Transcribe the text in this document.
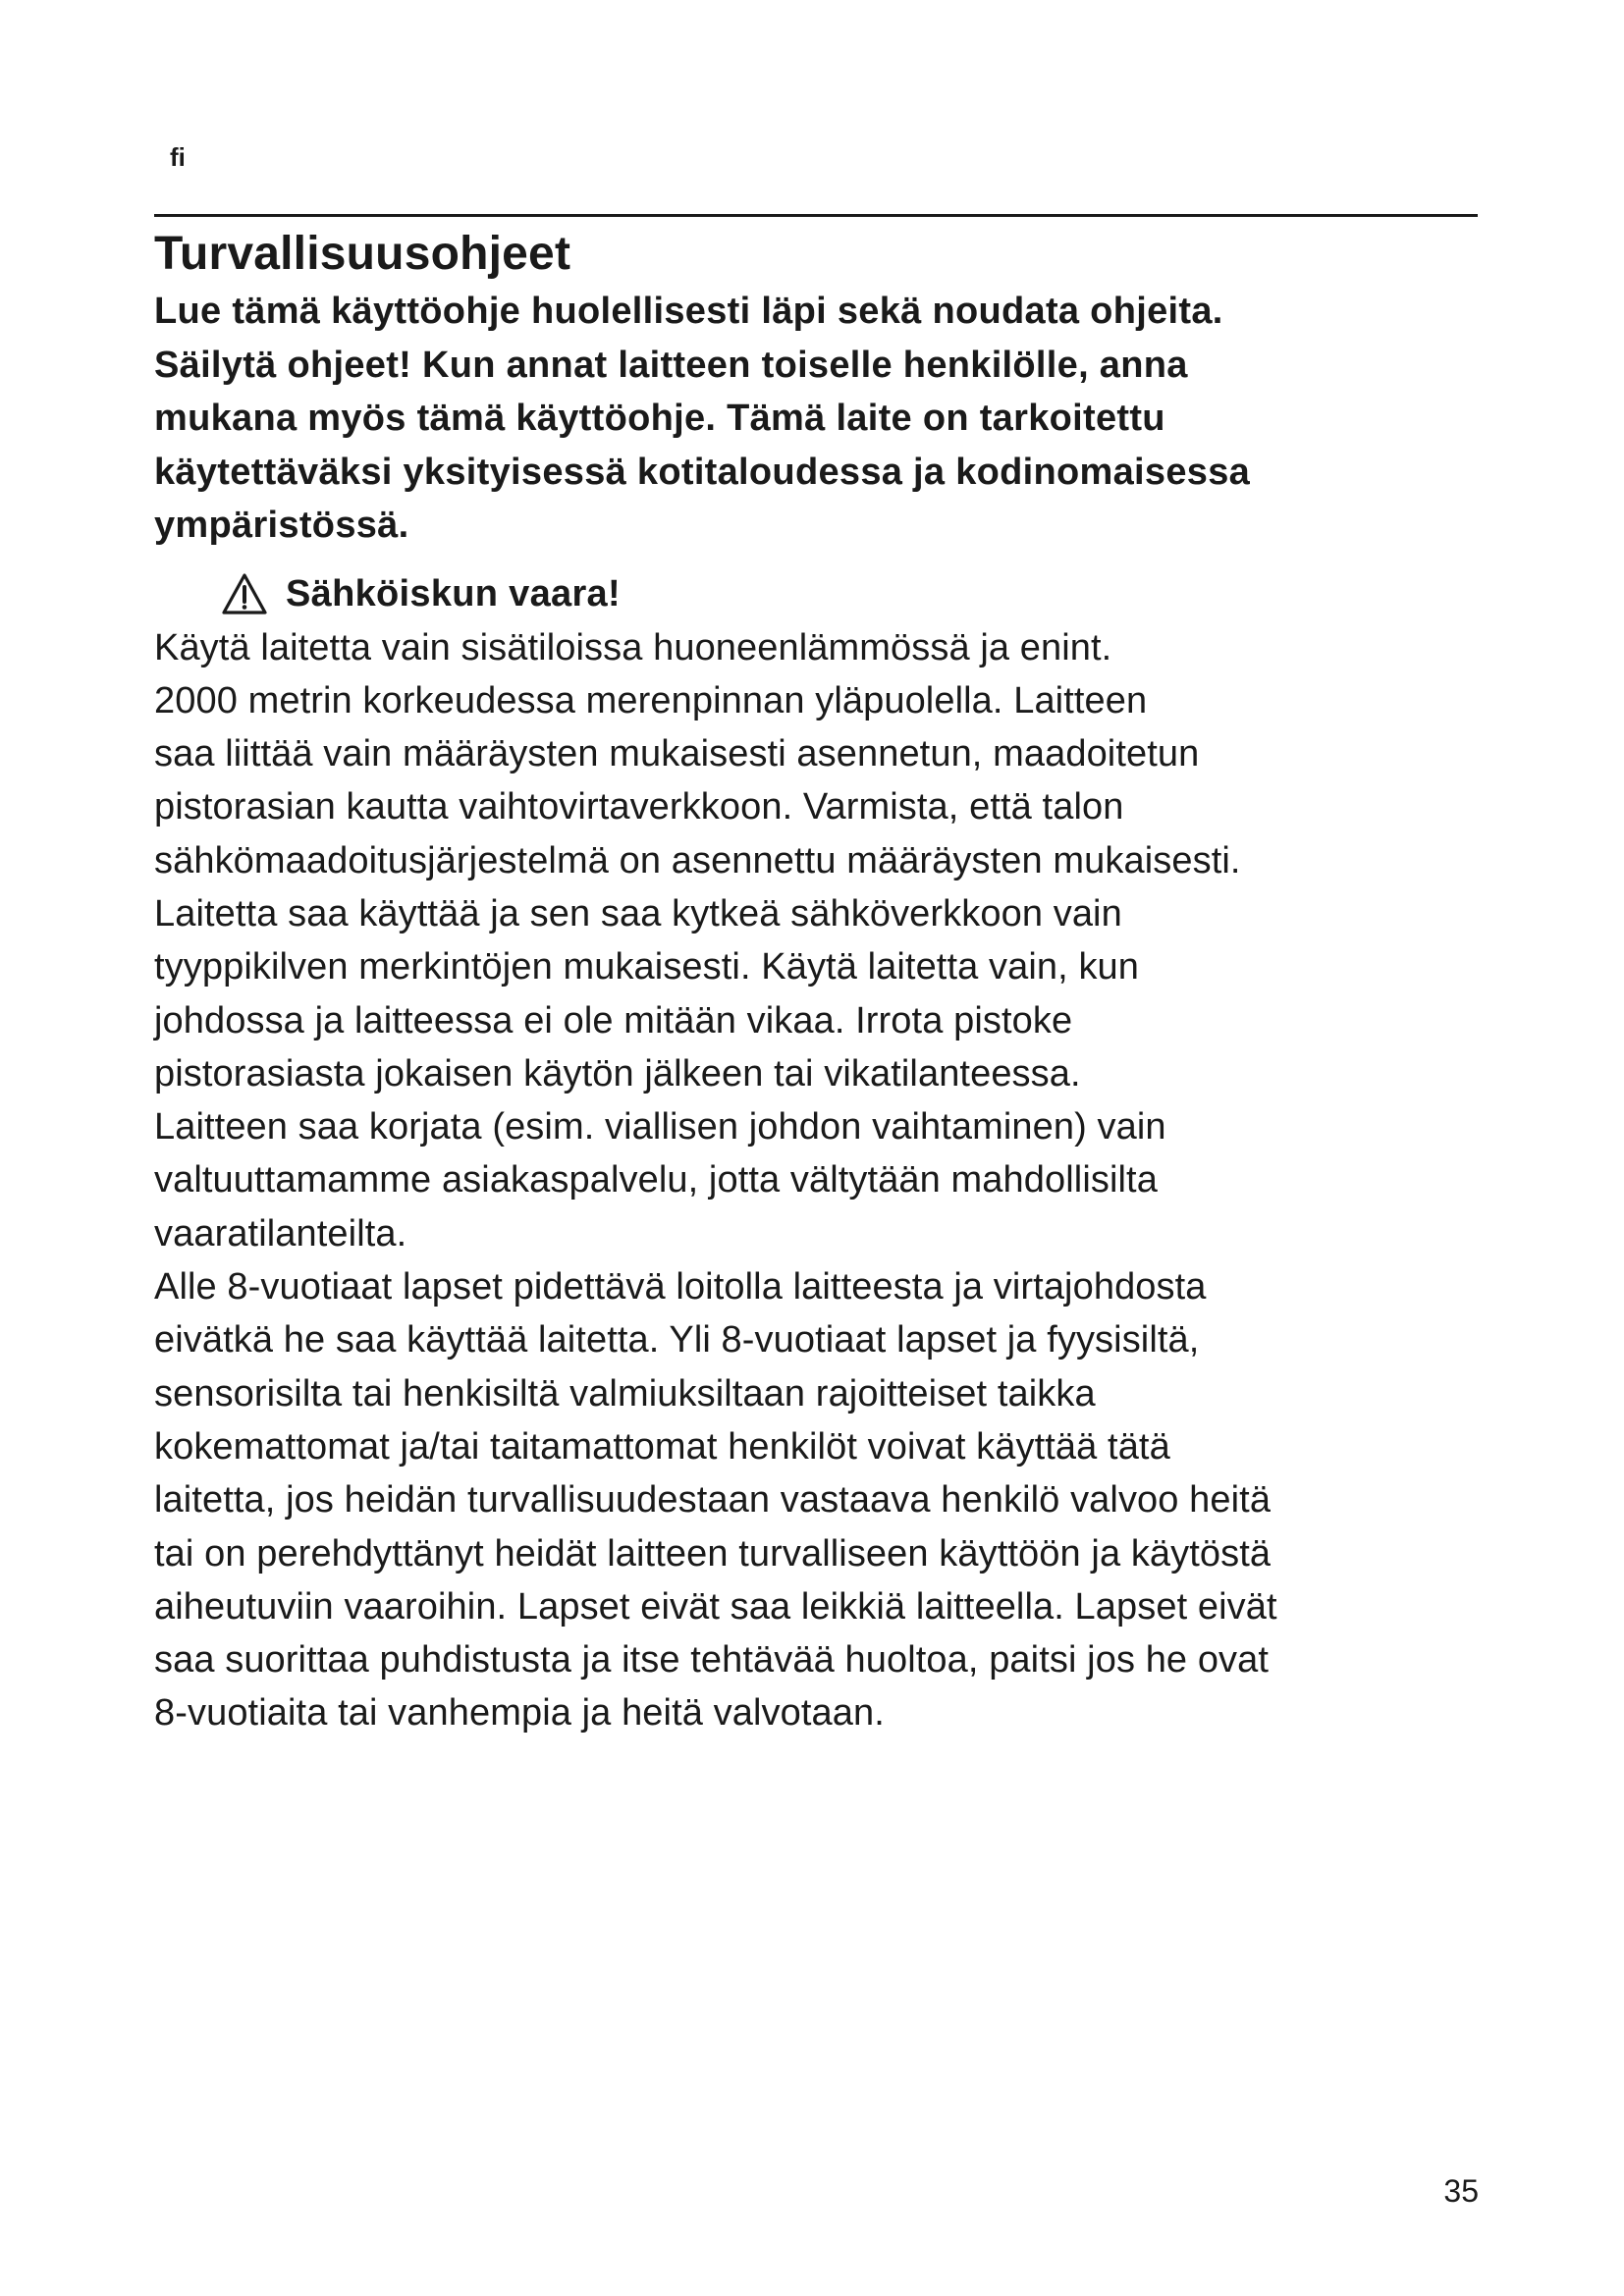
fi
Turvallisuusohjeet

Lue tämä käyttöohje huolellisesti läpi sekä noudata ohjeita.
Säilytä ohjeet! Kun annat laitteen toiselle henkilölle, anna
mukana myös tämä käyttöohje. Tämä laite on tarkoitettu
käytettäväksi yksityisessä kotitaloudessa ja kodinomaisessa
ympäristössä.

Sähköiskun vaara!

Käytä laitetta vain sisätiloissa huoneenlämmössä ja enint.
2000 metrin korkeudessa merenpinnan yläpuolella. Laitteen
saa liittää vain määräysten mukaisesti asennetun, maadoitetun
pistorasian kautta vaihtovirtaverkkoon. Varmista, että talon
sähkömaadoitusjärjestelmä on asennettu määräysten mukaisesti.
Laitetta saa käyttää ja sen saa kytkeä sähköverkkoon vain
tyyppikilven merkintöjen mukaisesti. Käytä laitetta vain, kun
johdossa ja laitteessa ei ole mitään vikaa. Irrota pistoke
pistorasiasta jokaisen käytön jälkeen tai vikatilanteessa.
Laitteen saa korjata (esim. viallisen johdon vaihtaminen) vain
valtuuttamamme asiakaspalvelu, jotta vältytään mahdollisilta
vaaratilanteilta.

Alle 8-vuotiaat lapset pidettävä loitolla laitteesta ja virtajohdosta
eivätkä he saa käyttää laitetta. Yli 8-vuotiaat lapset ja fyysisiltä,
sensorisilta tai henkisiltä valmiuksiltaan rajoitteiset taikka
kokemattomat ja/tai taitamattomat henkilöt voivat käyttää tätä
laitetta, jos heidän turvallisuudestaan vastaava henkilö valvoo heitä
tai on perehdyttänyt heidät laitteen turvalliseen käyttöön ja käytöstä
aiheutuviin vaaroihin. Lapset eivät saa leikkiä laitteella. Lapset eivät
saa suorittaa puhdistusta ja itse tehtävää huoltoa, paitsi jos he ovat
8-vuotiaita tai vanhempia ja heitä valvotaan.

35
